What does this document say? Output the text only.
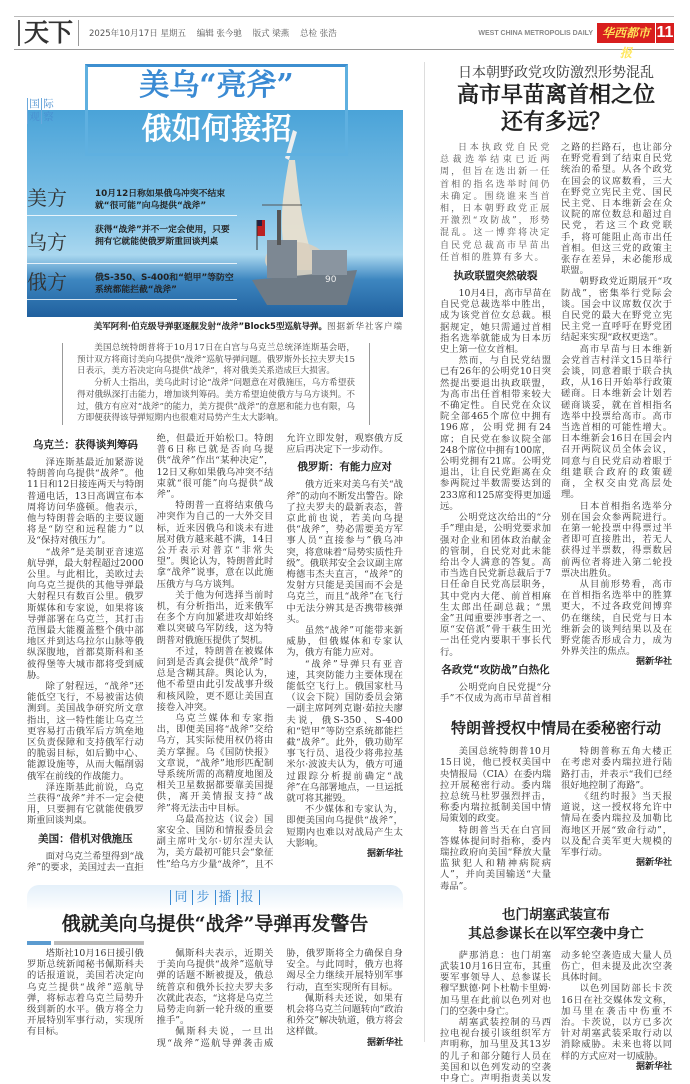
天下	2025年10月17日 星期五 编辑 张今驰 版式 梁燕 总检 张浩	WEST CHINA METROPOLIS DAILY 华西都市报
11
90
美方	10月12日称如果俄乌冲突不结束就“很可能”向乌提供“战斧”
乌方	获得“战斧”并不一定会使用，只要拥有它就能使俄罗斯重回谈判桌
俄方	俄S-350、S-400和“铠甲”等防空系统都能拦截“战斧”
美乌“亮斧”
俄如何接招
国 际观 察
美军阿利·伯克级导弹驱逐舰发射“战斧”Block5型巡航导弹。图据新华社客户端

美国总统特朗普将于10月17日在白宫与乌克兰总统泽连斯基会晤，预计双方将商讨美向乌提供“战斧”巡航导弹问题。俄罗斯外长拉夫罗夫15日表示，美方若决定向乌提供“战斧”，将对俄美关系造成巨大损害。

分析人士指出，美乌此时讨论“战斧”问题意在对俄施压，乌方希望获得对俄纵深打击能力，增加谈判筹码。美方希望迫使俄方与乌方谈判。不过，俄方有应对“战斧”的能力，美方提供“战斧”的意愿和能力也有限，乌方即便获得该导弹短期内也很难对局势产生太大影响。

乌克兰：获得谈判筹码

泽连斯基最近加紧游说特朗普向乌提供“战斧”。他11日和12日接连两天与特朗普通电话，13日高调宣布本周将访问华盛顿。他表示，他与特朗普会晤的主要议题将是“防空和远程能力”以及“保持对俄压力”。

“战斧”是美制亚音速巡航导弹，最大射程超过2000公里。与此相比，美欧过去向乌克兰提供的其他导弹最大射程只有数百公里。俄罗斯媒体和专家说，如果将该导弹部署在乌克兰，其打击范围最大能覆盖整个俄中部地区并到达乌拉尔山脉等俄纵深腹地，首都莫斯科和圣彼得堡等大城市都将受到威胁。

除了射程远，“战斧”还能低空飞行，不易被雷达侦测到。美国战争研究所文章指出，这一特性能让乌克兰更容易打击俄军后方筑垒地区负责保障和支持俄军行动的脆弱目标，如后勤中心、能源设施等，从而大幅削弱俄军在前线的作战能力。

泽连斯基此前说，乌克兰获得“战斧”并不一定会使用，只要拥有它就能使俄罗斯重回谈判桌。

美国：借机对俄施压

面对乌克兰希望得到“战斧”的要求，美国过去一直拒绝，但最近开始松口。特朗普6日称已就是否向乌提供“战斧”作出“某种决定”，12日又称如果俄乌冲突不结束就“很可能”向乌提供“战斧”。

特朗普一直将结束俄乌冲突作为自己的一大外交目标，近来因俄乌和谈未有进展对俄方越来越不满，14日公开表示对普京“非常失望”。舆论认为，特朗普此时拿“战斧”说事，意在以此施压俄方与乌方谈判。

关于他为何选择当前时机，有分析指出，近来俄军在多个方向加紧进攻却始终难以突破乌军防线，这为特朗普对俄施压提供了契机。

不过，特朗普在被媒体问到是否真会提供“战斧”时总是含糊其辞。舆论认为，他不希望由此引发战事升级和核风险，更不愿让美国直接卷入冲突。

乌克兰媒体和专家指出，即便美国将“战斧”交给乌方，其实际使用权仍将由美方掌握。乌《国防快报》文章说，“战斧”地形匹配制导系统所需的高精度地图及相关卫星数据都要靠美国提供，离开美情报支持“战斧”将无法击中目标。

乌最高拉达（议会）国家安全、国防和情报委员会副主席叶戈尔·切尔涅夫认为，美方最初可能只会“象征性”给乌方少量“战斧”，且不允许立即发射，观察俄方反应后再决定下一步动作。

俄罗斯：有能力应对

俄方近来对美乌有关“战斧”的动向不断发出警告。除了拉夫罗夫的最新表态，普京此前也说，若美向乌提供“战斧”，势必需要美方军事人员“直接参与”俄乌冲突，将意味着“局势实质性升级”。俄联邦安全会议副主席梅德韦杰夫直言，“战斧”的发射方只能是美国而不会是乌克兰，而且“战斧”在飞行中无法分辨其是否携带核弹头。

虽然“战斧”可能带来新威胁，但俄媒体和专家认为，俄方有能力应对。

“战斧”导弹只有亚音速，其突防能力主要体现在能低空飞行上。俄国家杜马（议会下院）国防委员会第一副主席阿列克谢·茹拉夫廖夫说，俄S-350、S-400和“铠甲”等防空系统都能拦截“战斧”。此外，俄功勋军事飞行员、退役少将弗拉基米尔·波波夫认为，俄方可通过跟踪分析提前确定“战斧”在乌部署地点，一旦运抵就可将其摧毁。

不少媒体和专家认为，即便美国向乌提供“战斧”，短期内也难以对战局产生太大影响。

据新华社
同 步 播 报
俄就美向乌提供“战斧”导弹再发警告

塔斯社10月16日援引俄罗斯总统新闻秘书佩斯科夫的话报道说，美国若决定向乌克兰提供“战斧”巡航导弹，将标志着乌克兰局势升级到新的水平。俄方将全力开展特别军事行动，实现所有目标。

佩斯科夫表示，近期关于美向乌提供“战斧”巡航导弹的话题不断被提及，俄总统普京和俄外长拉夫罗夫多次就此表态，“这将是乌克兰局势走向新一轮升级的重要推手”。

佩斯科夫说，一旦出现“战斧”巡航导弹袭击威胁，俄罗斯将全力确保自身安全。与此同时，俄方也将竭尽全力继续开展特别军事行动，直至实现所有目标。

佩斯科夫还说，如果有机会将乌克兰问题转向“政治和外交”解决轨道，俄方将会这样做。

据新华社
日本朝野政党攻防激烈形势混乱
高市早苗离首相之位
还有多远？

日本执政党自民党总裁选举结束已近两周，但旨在选出新一任首相的指名选举时间仍未确定。围绕谁来当首相，日本朝野政党正展开激烈“攻防战”，形势混乱。这一博弈将决定自民党总裁高市早苗出任首相的胜算有多大。

执政联盟突然破裂

10月4日，高市早苗在自民党总裁选举中胜出，成为该党首位女总裁。根据规定，她只需通过首相指名选举就能成为日本历史上第一位女首相。

然而，与自民党结盟已有26年的公明党10日突然提出要退出执政联盟，为高市出任首相带来较大不确定性。自民党在众议院全部465个席位中拥有196席，公明党拥有24席；自民党在参议院全部248个席位中拥有100席，公明党拥有21席。公明党退出，让自民党距离在众参两院过半数需要达到的233席和125席变得更加遥远。

公明党这次给出的“分手”理由是，公明党要求加强对企业和团体政治献金的管制，自民党对此未能给出令人满意的答复。高市当选自民党新总裁后于7日任命自民党高层职务，其中党内大佬、前首相麻生太郎出任副总裁；“黑金”丑闻重要涉事者之一、原“安倍派”骨干萩生田光一出任党内要职干事长代行。

各政党“攻防战”白热化

公明党向自民党提“分手”不仅成为高市早苗首相之路的拦路石，也让部分在野党看到了结束自民党统治的希望。从各个政党在国会的议席数看，三大在野党立宪民主党、国民民主党、日本维新会在众议院的席位数总和超过自民党，若这三个政党联手，将可能阻止高市出任首相。但这三党的政策主张存在差异，未必能形成联盟。

朝野政党近期展开“攻防战”，密集举行党际会谈。国会中议席数仅次于自民党的最大在野党立宪民主党一直呼吁在野党团结起来实现“政权更迭”。

高市早苗与日本维新会党首吉村洋文15日举行会谈，同意着眼于联合执政，从16日开始举行政策磋商。日本维新会计划若磋商谈妥，就在首相指名选举中投票给高市。高市当选首相的可能性增大。日本维新会16日在国会内召开两院议员全体会议，同意与自民党启动着眼于组建联合政府的政策磋商，全权交由党高层处理。

日本首相指名选举分别在国会众参两院进行。在第一轮投票中得票过半者即可直接胜出，若无人获得过半票数，得票数居前两位者将进入第二轮投票决出胜负。

从目前形势看，高市在首相指名选举中的胜算更大，不过各政党间博弈仍在继续，自民党与日本维新会的谈判结果以及在野党能否形成合力，成为外界关注的焦点。

据新华社
特朗普授权中情局在委秘密行动

美国总统特朗普10月15日说，他已授权美国中央情报局（CIA）在委内瑞拉开展秘密行动。委内瑞拉总统马杜罗强烈抨击，称委内瑞拉抵制美国中情局策划的政变。

特朗普当天在白宫回答媒体提问时指称，委内瑞拉政府向美国“释放大量监狱犯人和精神病院病人”，并向美国输送“大量毒品”。

特朗普称五角大楼正在考虑对委内瑞拉进行陆路打击，并表示“我们已经很好地控制了海路”。

《纽约时报》当天报道说，这一授权将允许中情局在委内瑞拉及加勒比海地区开展“致命行动”，以及配合美军更大规模的军事行动。

据新华社
也门胡塞武装宣布
其总参谋长在以军空袭中身亡

萨那消息：也门胡塞武装10月16日宣布，其重要军事领导人、总参谋长穆罕默德·阿卜杜勒卡里姆·加马里在此前以色列对也门的空袭中身亡。

胡塞武装控制的马西拉电视台援引该组织军方声明称，加马里及其13岁的儿子和部分随行人员在美国和以色列发动的空袭中身亡。声明指责美以发动多轮空袭造成大量人员伤亡，但未提及此次空袭具体时间。

以色列国防部长卡茨16日在社交媒体发文称，加马里在袭击中伤重不治。卡茨说，以方已多次针对胡塞武装采取行动以消除威胁。未来也将以同样的方式应对一切威胁。

据新华社
